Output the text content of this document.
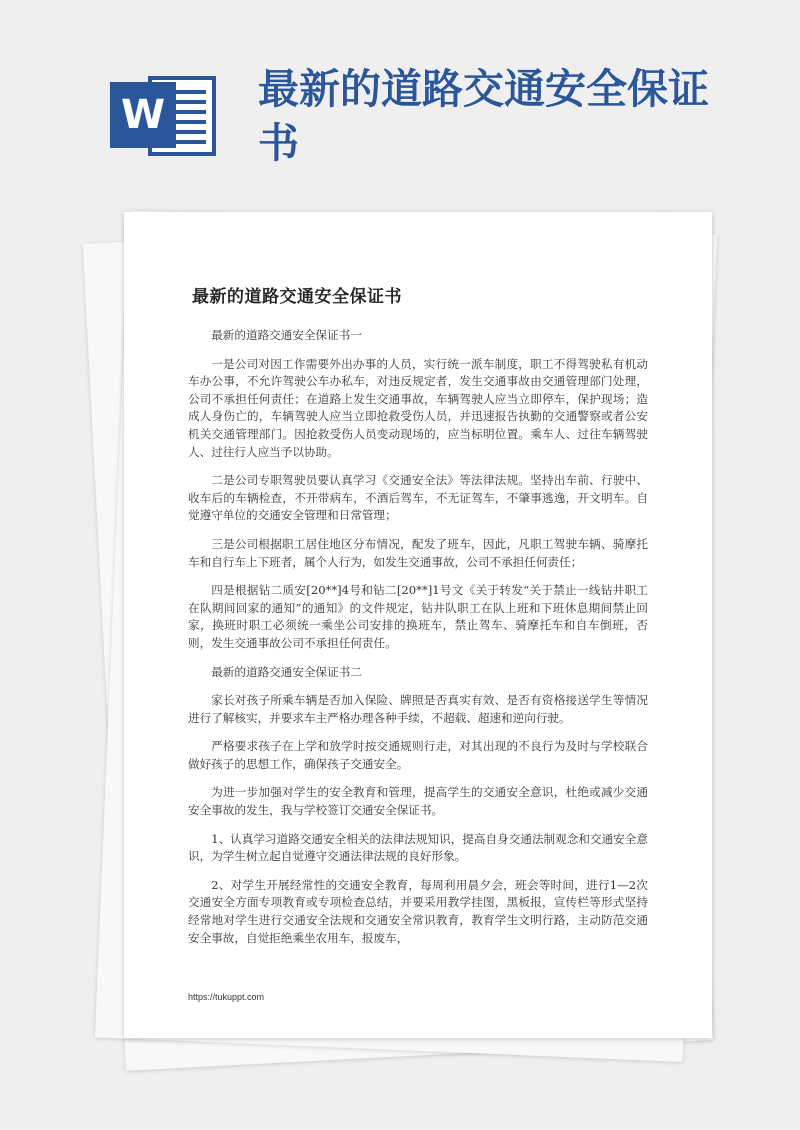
W
最新的道路交通安全保证书
最新的道路交通安全保证书

最新的道路交通安全保证书一

一是公司对因工作需要外出办事的人员，实行统一派车制度，职工不得驾驶私有机动车办公事，不允许驾驶公车办私车，对违反规定者，发生交通事故由交通管理部门处理，公司不承担任何责任；在道路上发生交通事故，车辆驾驶人应当立即停车，保护现场；造成人身伤亡的，车辆驾驶人应当立即抢救受伤人员，并迅速报告执勤的交通警察或者公安机关交通管理部门。因抢救受伤人员变动现场的，应当标明位置。乘车人、过往车辆驾驶人、过往行人应当予以协助。

二是公司专职驾驶员要认真学习《交通安全法》等法律法规。坚持出车前、行驶中、收车后的车辆检查，不开带病车，不酒后驾车，不无证驾车，不肇事逃逸，开文明车。自觉遵守单位的交通安全管理和日常管理；

三是公司根据职工居住地区分布情况，配发了班车，因此，凡职工驾驶车辆、骑摩托车和自行车上下班者，属个人行为，如发生交通事故，公司不承担任何责任；

四是根据钻二质安[20**]4号和钻二[20**]1号文《关于转发“关于禁止一线钻井职工在队期间回家的通知”的通知》的文件规定，钻井队职工在队上班和下班休息期间禁止回家，换班时职工必须统一乘坐公司安排的换班车，禁止驾车、骑摩托车和自车倒班，否则，发生交通事故公司不承担任何责任。

最新的道路交通安全保证书二

家长对孩子所乘车辆是否加入保险、牌照是否真实有效、是否有资格接送学生等情况进行了解核实，并要求车主严格办理各种手续，不超载、超速和逆向行驶。

严格要求孩子在上学和放学时按交通规则行走，对其出现的不良行为及时与学校联合做好孩子的思想工作，确保孩子交通安全。

为进一步加强对学生的安全教育和管理，提高学生的交通安全意识，杜绝或减少交通安全事故的发生，我与学校签订交通安全保证书。

1、认真学习道路交通安全相关的法律法规知识，提高自身交通法制观念和交通安全意识，为学生树立起自觉遵守交通法律法规的良好形象。

2、对学生开展经常性的交通安全教育，每周利用晨夕会，班会等时间，进行1—2次交通安全方面专项教育或专项检查总结，并要采用教学挂图，黑板报，宣传栏等形式坚持经常地对学生进行交通安全法规和交通安全常识教育，教育学生文明行路，主动防范交通安全事故，自觉拒绝乘坐农用车，报废车，

https://tukuppt.com
